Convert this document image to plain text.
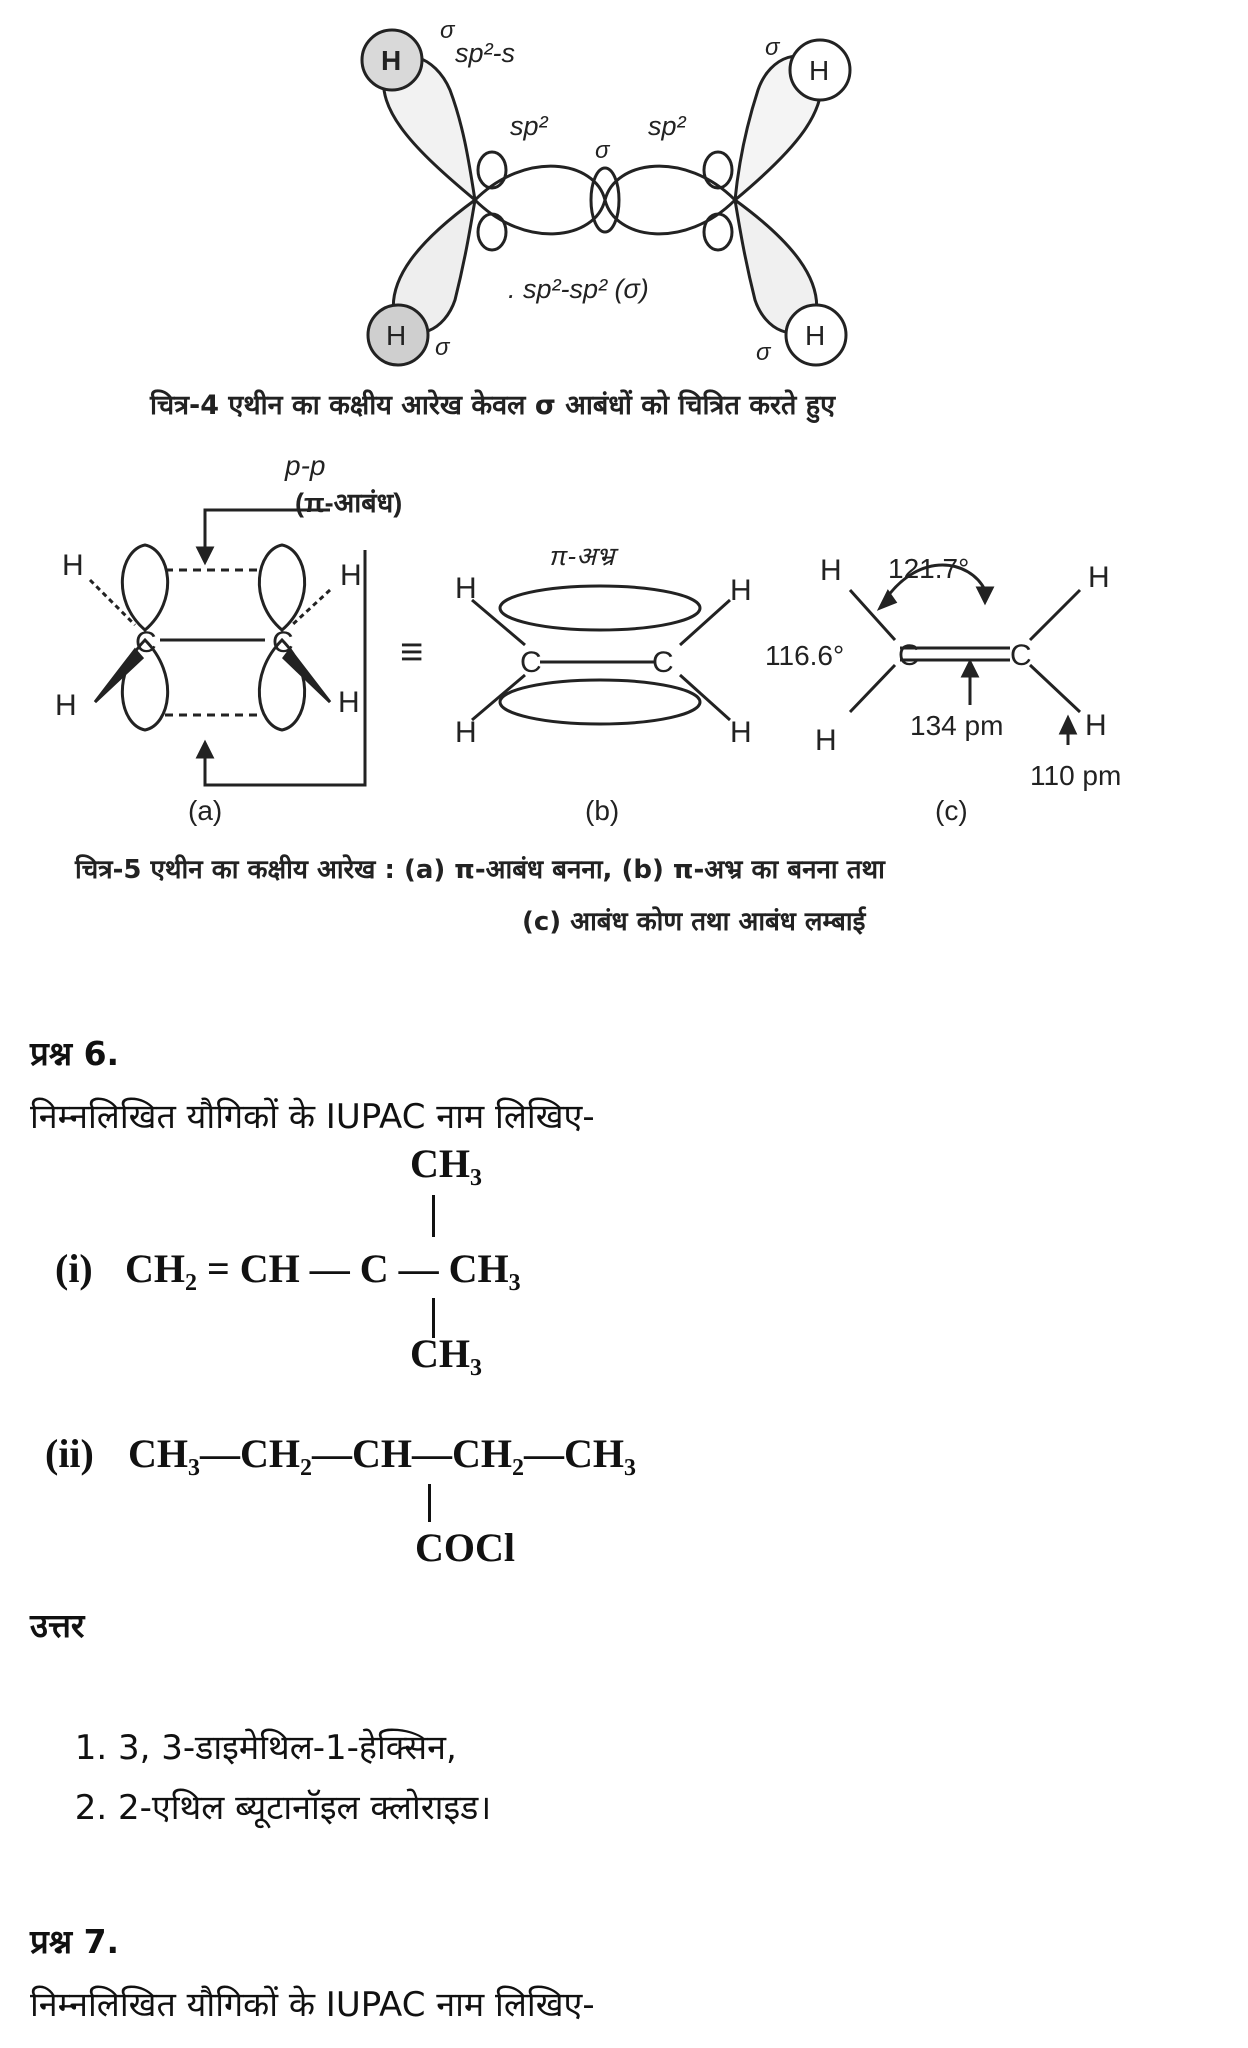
H	H
H	H
σ
sp²-s	σ
sp²
σ
sp²
. sp²-sp² (σ)
σ	σ
चित्र-4 एथीन का कक्षीय आरेख केवल σ आबंधों को चित्रित करते हुए
p-p
(π-आबंध)
H	H
H	H
C	C	≡
(a)
π-अभ्र
C	C
H	H
H	H
(b)
H 121.7°	H
116.6° C	C
H	134 pm	H
110 pm
(c)
चित्र-5 एथीन का कक्षीय आरेख : (a) π-आबंध बनना, (b) π-अभ्र का बनना तथा
(c) आबंध कोण तथा आबंध लम्बाई
प्रश्न 6.
निम्नलिखित यौगिकों के IUPAC नाम लिखिए-
(i) CH₂ = CH — C — CH₃
CH₃
CH₃
(ii) CH₃—CH₂—CH—CH₂—CH₃
COCl
उत्तर
1. 3, 3-डाइमेथिल-1-हेक्सिन,
2. 2-एथिल ब्यूटानॉइल क्लोराइड।
प्रश्न 7.
निम्नलिखित यौगिकों के IUPAC नाम लिखिए-
